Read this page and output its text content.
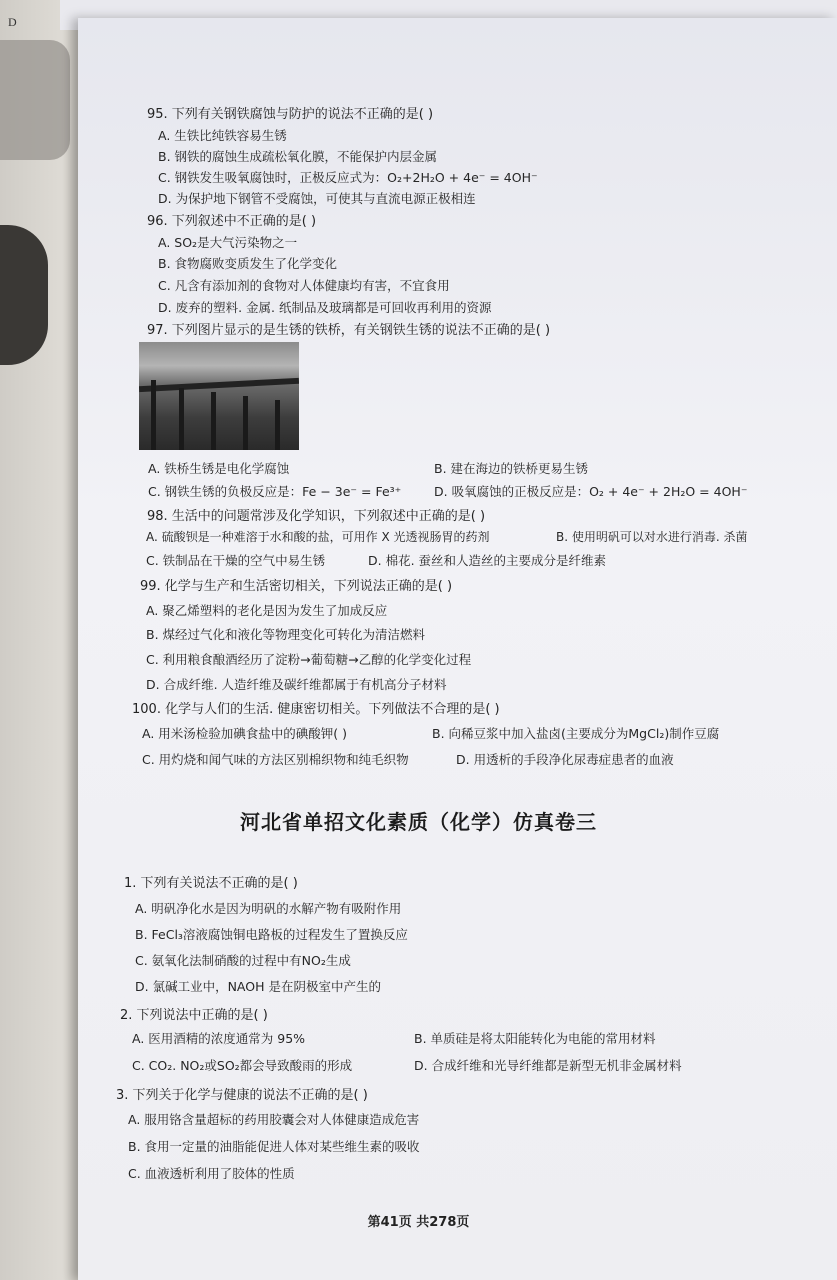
D
95. 下列有关钢铁腐蚀与防护的说法不正确的是( )
A. 生铁比纯铁容易生锈
B. 钢铁的腐蚀生成疏松氧化膜，不能保护内层金属
C. 钢铁发生吸氧腐蚀时，正极反应式为：O₂+2H₂O + 4e⁻ = 4OH⁻
D. 为保护地下钢管不受腐蚀，可使其与直流电源正极相连
96. 下列叙述中不正确的是( )
A. SO₂是大气污染物之一
B. 食物腐败变质发生了化学变化
C. 凡含有添加剂的食物对人体健康均有害，不宜食用
D. 废弃的塑料. 金属. 纸制品及玻璃都是可回收再利用的资源
97. 下列图片显示的是生锈的铁桥，有关钢铁生锈的说法不正确的是( )
A. 铁桥生锈是电化学腐蚀	B. 建在海边的铁桥更易生锈
C. 钢铁生锈的负极反应是：Fe − 3e⁻ = Fe³⁺	D. 吸氧腐蚀的正极反应是：O₂ + 4e⁻ + 2H₂O = 4OH⁻
98. 生活中的问题常涉及化学知识，下列叙述中正确的是( )
A. 硫酸钡是一种难溶于水和酸的盐，可用作 X 光透视肠胃的药剂	B. 使用明矾可以对水进行消毒. 杀菌
C. 铁制品在干燥的空气中易生锈	D. 棉花. 蚕丝和人造丝的主要成分是纤维素
99. 化学与生产和生活密切相关，下列说法正确的是( )
A. 聚乙烯塑料的老化是因为发生了加成反应
B. 煤经过气化和液化等物理变化可转化为清洁燃料
C. 利用粮食酿酒经历了淀粉→葡萄糖→乙醇的化学变化过程
D. 合成纤维. 人造纤维及碳纤维都属于有机高分子材料
100. 化学与人们的生活. 健康密切相关。下列做法不合理的是( )
A. 用米汤检验加碘食盐中的碘酸钾( )	B. 向稀豆浆中加入盐卤(主要成分为MgCl₂)制作豆腐
C. 用灼烧和闻气味的方法区别棉织物和纯毛织物	D. 用透析的手段净化尿毒症患者的血液
河北省单招文化素质（化学）仿真卷三
1. 下列有关说法不正确的是( )
A. 明矾净化水是因为明矾的水解产物有吸附作用
B. FeCl₃溶液腐蚀铜电路板的过程发生了置换反应
C. 氨氧化法制硝酸的过程中有NO₂生成
D. 氯碱工业中，NAOH 是在阴极室中产生的
2. 下列说法中正确的是( )
A. 医用酒精的浓度通常为 95%	B. 单质硅是将太阳能转化为电能的常用材料
C. CO₂. NO₂或SO₂都会导致酸雨的形成	D. 合成纤维和光导纤维都是新型无机非金属材料
3. 下列关于化学与健康的说法不正确的是( )
A. 服用铬含量超标的药用胶囊会对人体健康造成危害
B. 食用一定量的油脂能促进人体对某些维生素的吸收
C. 血液透析利用了胶体的性质
第41页 共278页
